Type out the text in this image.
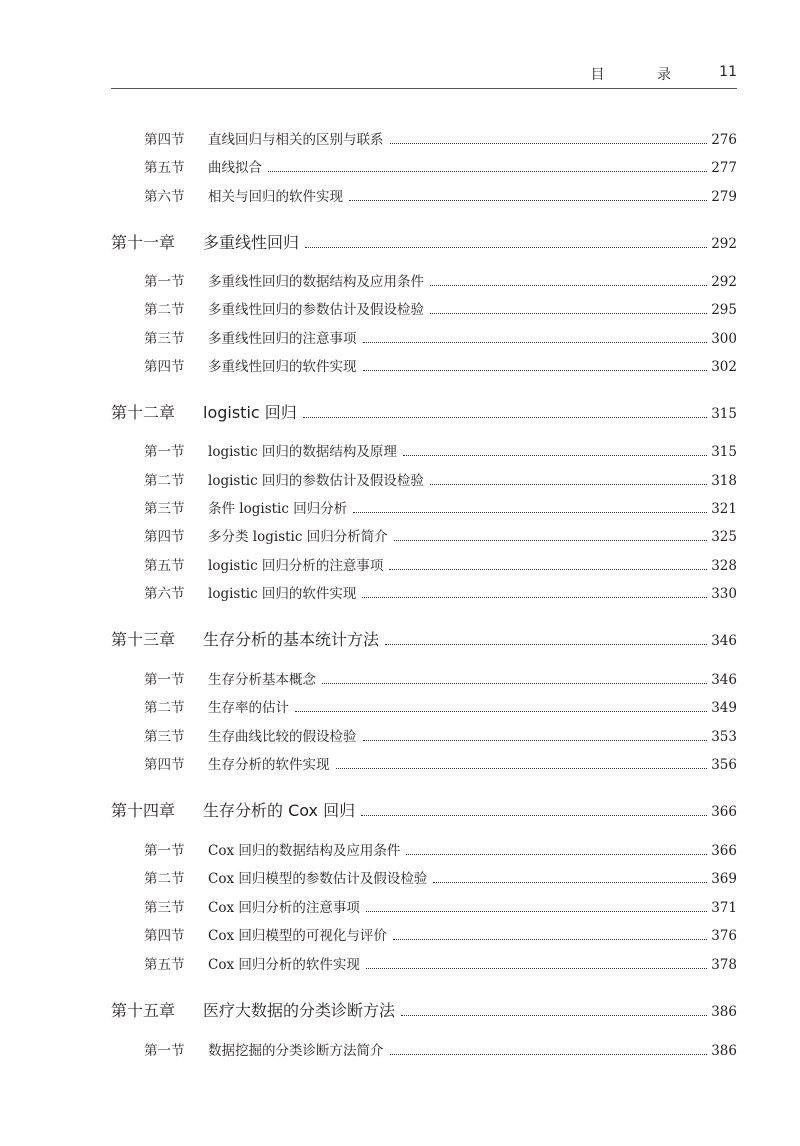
目 录 11
第四节	直线回归与相关的区别与联系	276
第五节	曲线拟合	277
第六节	相关与回归的软件实现	279
第十一章	多重线性回归	292
第一节	多重线性回归的数据结构及应用条件	292
第二节	多重线性回归的参数估计及假设检验	295
第三节	多重线性回归的注意事项	300
第四节	多重线性回归的软件实现	302
第十二章	logistic 回归	315
第一节	logistic 回归的数据结构及原理	315
第二节	logistic 回归的参数估计及假设检验	318
第三节	条件 logistic 回归分析	321
第四节	多分类 logistic 回归分析简介	325
第五节	logistic 回归分析的注意事项	328
第六节	logistic 回归的软件实现	330
第十三章	生存分析的基本统计方法	346
第一节	生存分析基本概念	346
第二节	生存率的估计	349
第三节	生存曲线比较的假设检验	353
第四节	生存分析的软件实现	356
第十四章	生存分析的 Cox 回归	366
第一节	Cox 回归的数据结构及应用条件	366
第二节	Cox 回归模型的参数估计及假设检验	369
第三节	Cox 回归分析的注意事项	371
第四节	Cox 回归模型的可视化与评价	376
第五节	Cox 回归分析的软件实现	378
第十五章	医疗大数据的分类诊断方法	386
第一节	数据挖掘的分类诊断方法简介	386
